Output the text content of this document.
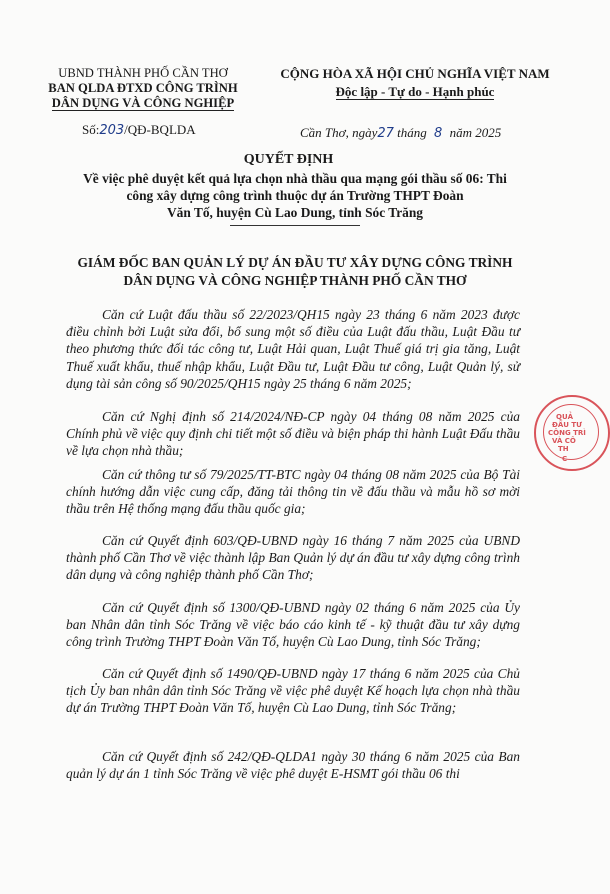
UBND THÀNH PHỐ CẦN THƠ
BAN QLDA ĐTXD CÔNG TRÌNH
DÂN DỤNG VÀ CÔNG NGHIỆP
CỘNG HÒA XÃ HỘI CHỦ NGHĨA VIỆT NAM
Độc lập - Tự do - Hạnh phúc
Số:203/QĐ-BQLDA	Cần Thơ, ngày27 tháng 8 năm 2025
QUYẾT ĐỊNH
Về việc phê duyệt kết quả lựa chọn nhà thầu qua mạng gói thầu số 06: Thi
công xây dựng công trình thuộc dự án Trường THPT Đoàn
Văn Tố, huyện Cù Lao Dung, tỉnh Sóc Trăng
GIÁM ĐỐC BAN QUẢN LÝ DỰ ÁN ĐẦU TƯ XÂY DỰNG CÔNG TRÌNH
DÂN DỤNG VÀ CÔNG NGHIỆP THÀNH PHỐ CẦN THƠ
Căn cứ Luật đấu thầu số 22/2023/QH15 ngày 23 tháng 6 năm 2023 được điều chỉnh bởi Luật sửa đổi, bổ sung một số điều của Luật đấu thầu, Luật Đầu tư theo phương thức đối tác công tư, Luật Hải quan, Luật Thuế giá trị gia tăng, Luật Thuế xuất khẩu, thuế nhập khẩu, Luật Đầu tư, Luật Đầu tư công, Luật Quản lý, sử dụng tài sản công số 90/2025/QH15 ngày 25 tháng 6 năm 2025;
Căn cứ Nghị định số 214/2024/NĐ-CP ngày 04 tháng 08 năm 2025 của Chính phủ về việc quy định chi tiết một số điều và biện pháp thi hành Luật Đấu thầu về lựa chọn nhà thầu;
Căn cứ thông tư số 79/2025/TT-BTC ngày 04 tháng 08 năm 2025 của Bộ Tài chính hướng dẫn việc cung cấp, đăng tải thông tin về đấu thầu và mẫu hồ sơ mời thầu trên Hệ thống mạng đấu thầu quốc gia;
Căn cứ Quyết định 603/QĐ-UBND ngày 16 tháng 7 năm 2025 của UBND thành phố Cần Thơ về việc thành lập Ban Quản lý dự án đầu tư xây dựng công trình dân dụng và công nghiệp thành phố Cần Thơ;
Căn cứ Quyết định số 1300/QĐ-UBND ngày 02 tháng 6 năm 2025 của Ủy ban Nhân dân tỉnh Sóc Trăng về việc báo cáo kinh tế - kỹ thuật đầu tư xây dựng công trình Trường THPT Đoàn Văn Tố, huyện Cù Lao Dung, tỉnh Sóc Trăng;
Căn cứ Quyết định số 1490/QĐ-UBND ngày 17 tháng 6 năm 2025 của Chủ tịch Ủy ban nhân dân tỉnh Sóc Trăng về việc phê duyệt Kế hoạch lựa chọn nhà thầu dự án Trường THPT Đoàn Văn Tố, huyện Cù Lao Dung, tỉnh Sóc Trăng;
Căn cứ Quyết định số 242/QĐ-QLDA1 ngày 30 tháng 6 năm 2025 của Ban quản lý dự án 1 tỉnh Sóc Trăng về việc phê duyệt E-HSMT gói thầu 06 thi
QUẢ
ĐẦU TƯ
CÔNG TRÌ
VÀ CÔ
TH
C
